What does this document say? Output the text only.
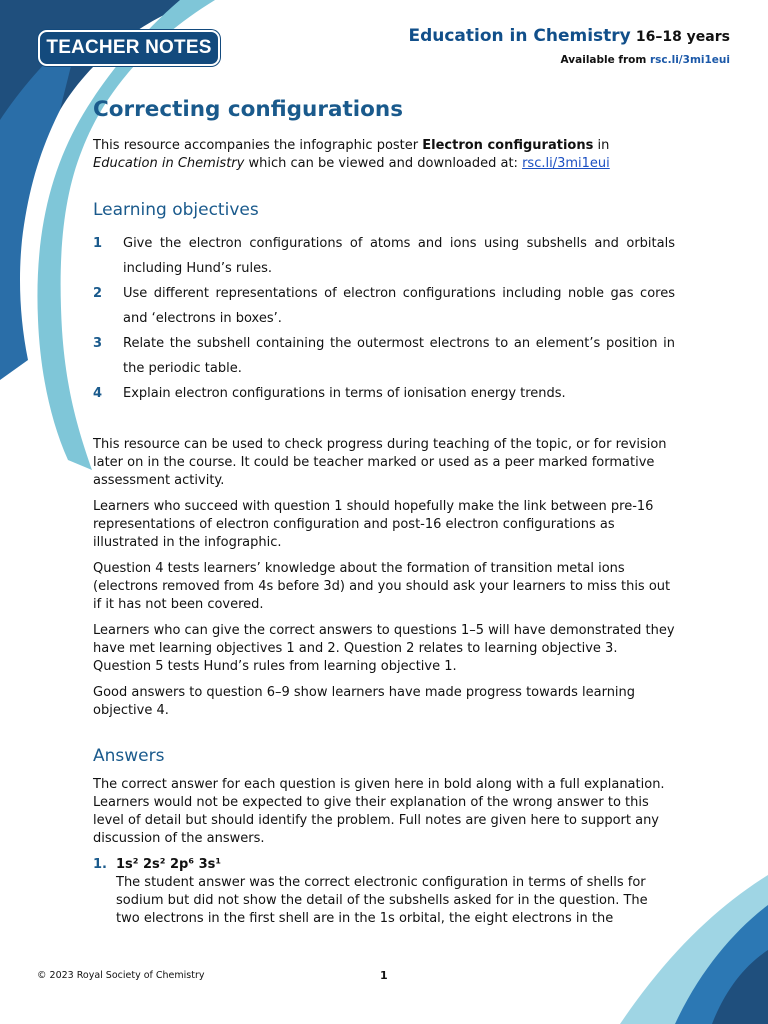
TEACHER NOTES
Education in Chemistry 16–18 years
Available from rsc.li/3mi1eui
Correcting configurations

This resource accompanies the infographic poster Electron configurations in Education in Chemistry which can be viewed and downloaded at: rsc.li/3mi1eui

Learning objectives
1	Give the electron configurations of atoms and ions using subshells and orbitals including Hund’s rules.
2	Use different representations of electron configurations including noble gas cores and ‘electrons in boxes’.
3	Relate the subshell containing the outermost electrons to an element’s position in the periodic table.
4	Explain electron configurations in terms of ionisation energy trends.

This resource can be used to check progress during teaching of the topic, or for revision later on in the course. It could be teacher marked or used as a peer marked formative assessment activity.

Learners who succeed with question 1 should hopefully make the link between pre-16 representations of electron configuration and post-16 electron configurations as illustrated in the infographic.

Question 4 tests learners’ knowledge about the formation of transition metal ions (electrons removed from 4s before 3d) and you should ask your learners to miss this out if it has not been covered.

Learners who can give the correct answers to questions 1–5 will have demonstrated they have met learning objectives 1 and 2. Question 2 relates to learning objective 3. Question 5 tests Hund’s rules from learning objective 1.

Good answers to question 6–9 show learners have made progress towards learning objective 4.

Answers

The correct answer for each question is given here in bold along with a full explanation. Learners would not be expected to give their explanation of the wrong answer to this level of detail but should identify the problem. Full notes are given here to support any discussion of the answers.

1. 1s² 2s² 2p⁶ 3s¹
The student answer was the correct electronic configuration in terms of shells for sodium but did not show the detail of the subshells asked for in the question. The two electrons in the first shell are in the 1s orbital, the eight electrons in the
© 2023 Royal Society of Chemistry	1
